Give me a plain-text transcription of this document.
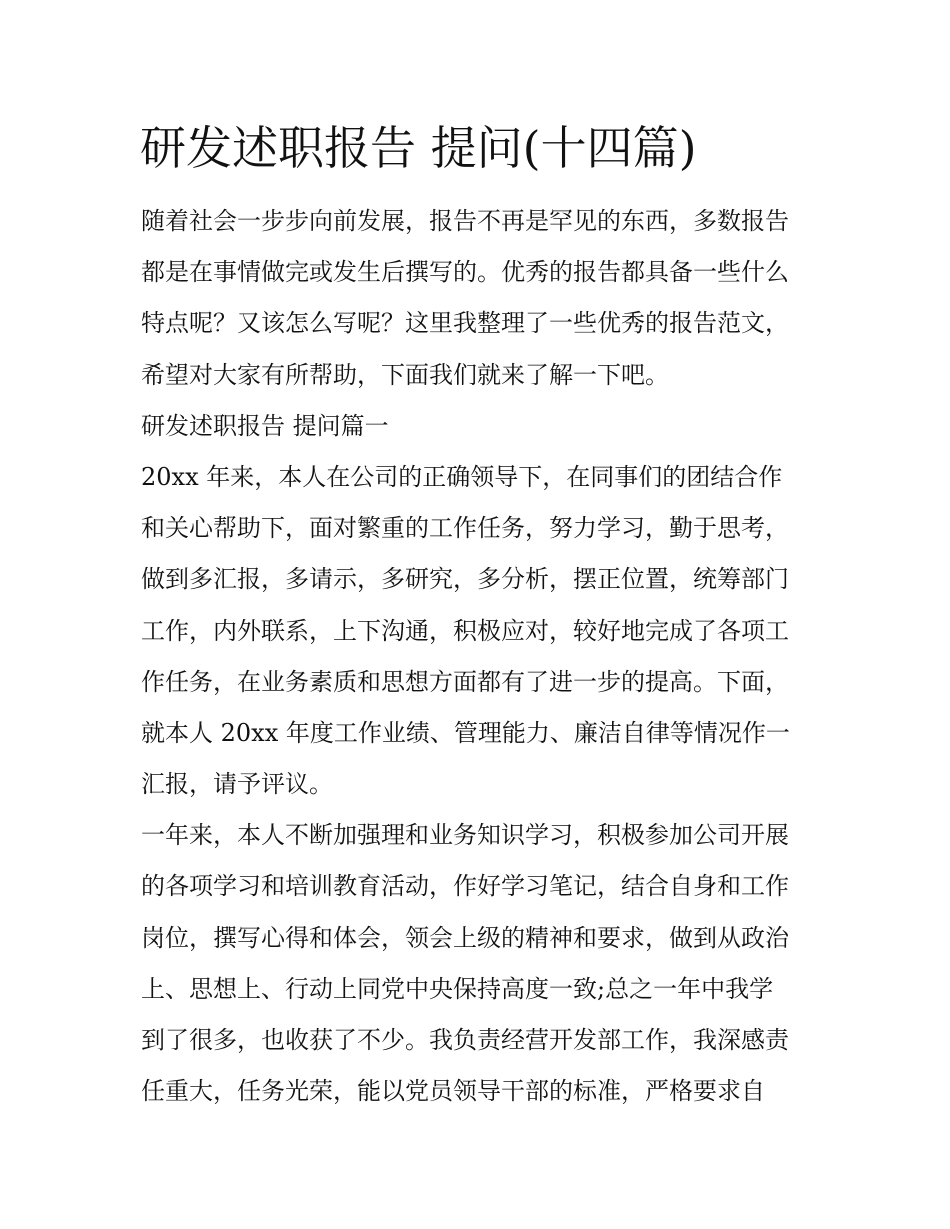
研发述职报告 提问(十四篇)
随着社会一步步向前发展，报告不再是罕见的东西，多数报告
都是在事情做完或发生后撰写的。优秀的报告都具备一些什么
特点呢？又该怎么写呢？这里我整理了一些优秀的报告范文，
希望对大家有所帮助，下面我们就来了解一下吧。
研发述职报告 提问篇一
20xx 年来，本人在公司的正确领导下，在同事们的团结合作
和关心帮助下，面对繁重的工作任务，努力学习，勤于思考，
做到多汇报，多请示，多研究，多分析，摆正位置，统筹部门
工作，内外联系，上下沟通，积极应对，较好地完成了各项工
作任务，在业务素质和思想方面都有了进一步的提高。下面，
就本人 20xx 年度工作业绩、管理能力、廉洁自律等情况作一
汇报，请予评议。
一年来，本人不断加强理和业务知识学习，积极参加公司开展
的各项学习和培训教育活动，作好学习笔记，结合自身和工作
岗位，撰写心得和体会，领会上级的精神和要求，做到从政治
上、思想上、行动上同党中央保持高度一致;总之一年中我学
到了很多，也收获了不少。我负责经营开发部工作，我深感责
任重大，任务光荣，能以党员领导干部的标准，严格要求自
